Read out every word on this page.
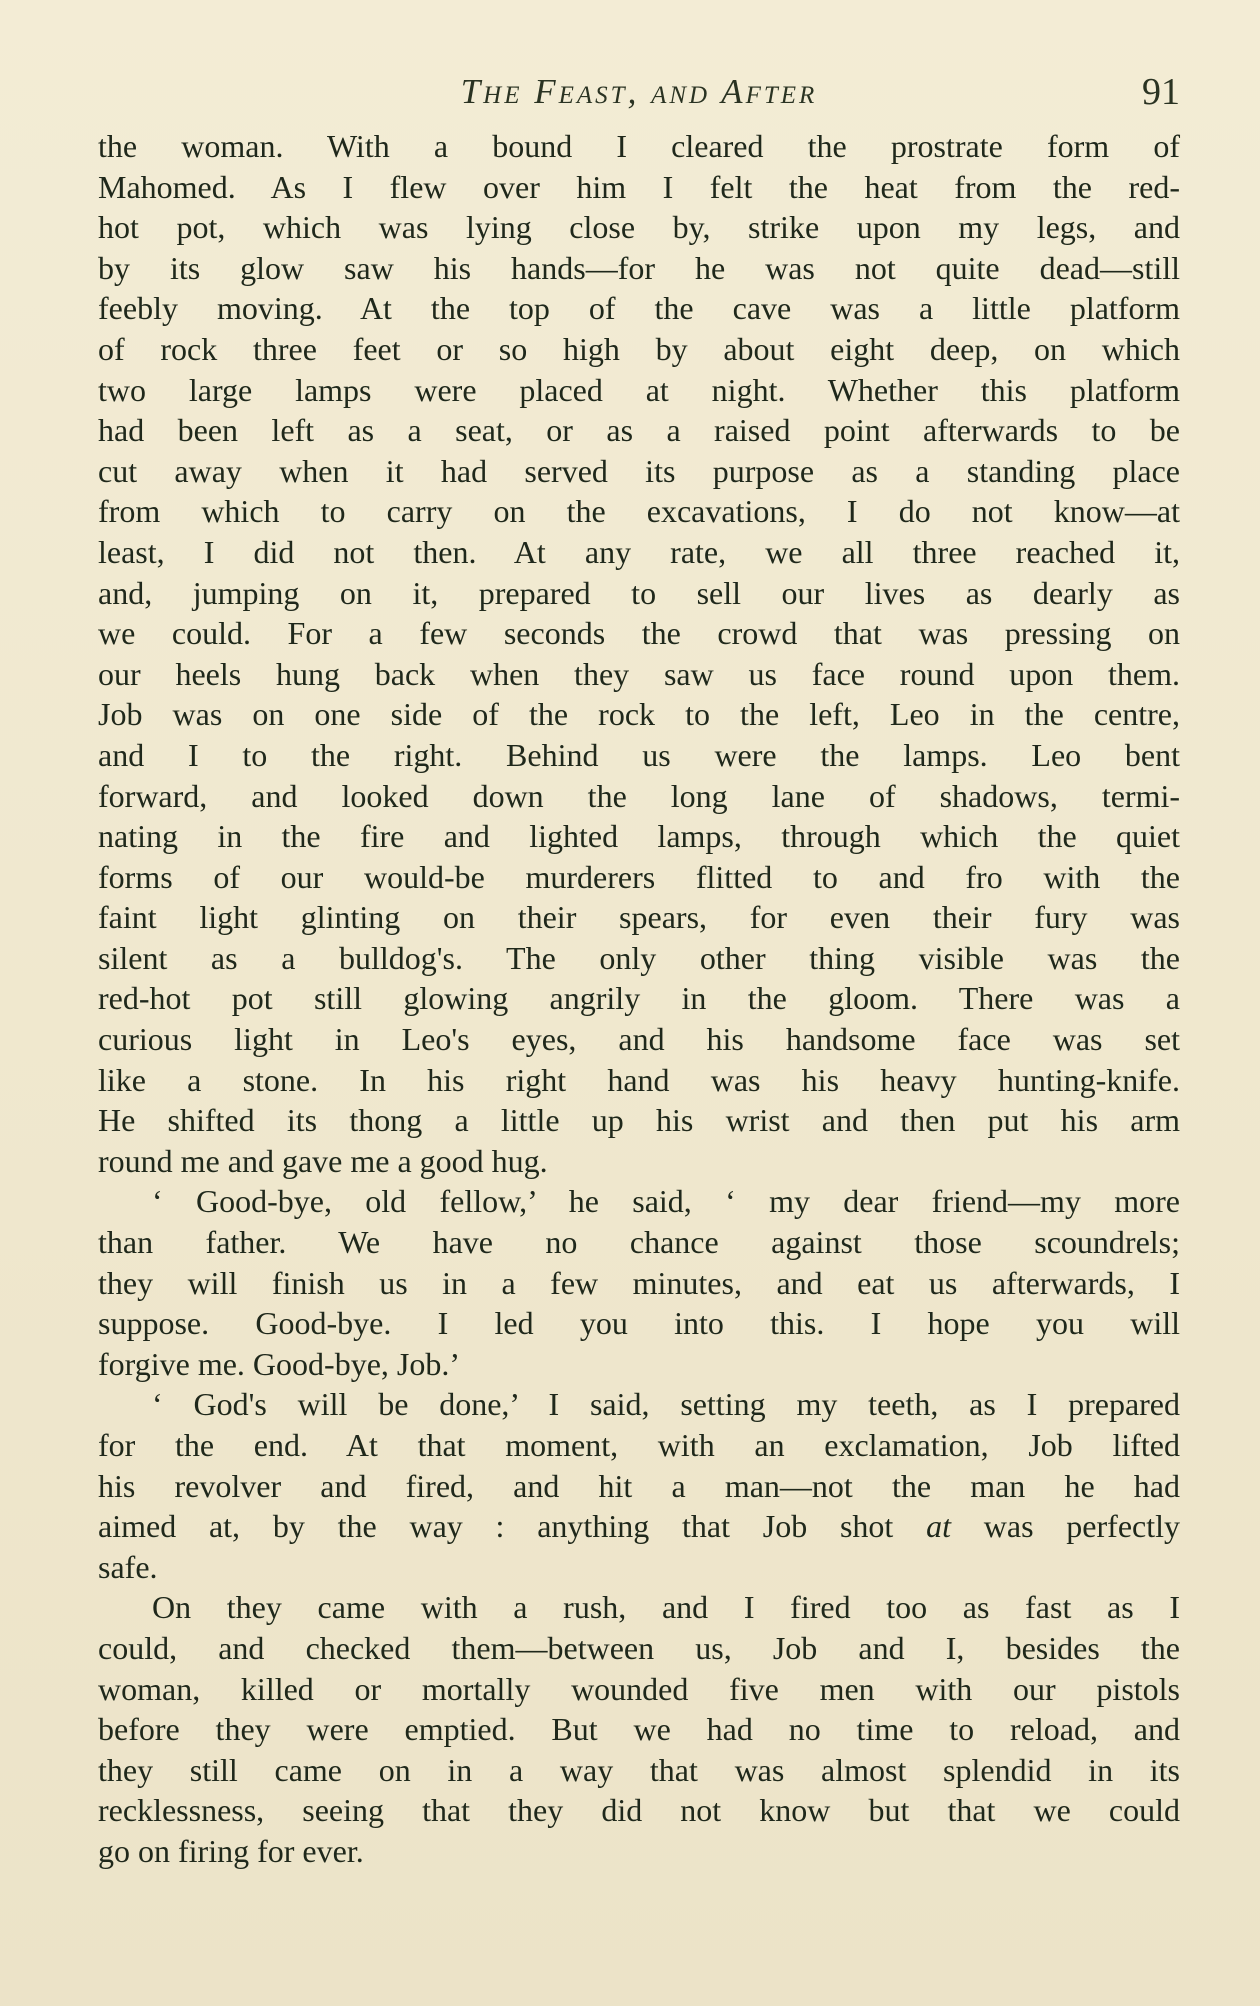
The Feast, and After	91
the woman. With a bound I cleared the prostrate form of
Mahomed. As I flew over him I felt the heat from the red-
hot pot, which was lying close by, strike upon my legs, and
by its glow saw his hands—for he was not quite dead—still
feebly moving. At the top of the cave was a little platform
of rock three feet or so high by about eight deep, on which
two large lamps were placed at night. Whether this platform
had been left as a seat, or as a raised point afterwards to be
cut away when it had served its purpose as a standing place
from which to carry on the excavations, I do not know—at
least, I did not then. At any rate, we all three reached it,
and, jumping on it, prepared to sell our lives as dearly as
we could. For a few seconds the crowd that was pressing on
our heels hung back when they saw us face round upon them.
Job was on one side of the rock to the left, Leo in the centre,
and I to the right. Behind us were the lamps. Leo bent
forward, and looked down the long lane of shadows, termi-
nating in the fire and lighted lamps, through which the quiet
forms of our would-be murderers flitted to and fro with the
faint light glinting on their spears, for even their fury was
silent as a bulldog's. The only other thing visible was the
red-hot pot still glowing angrily in the gloom. There was a
curious light in Leo's eyes, and his handsome face was set
like a stone. In his right hand was his heavy hunting-knife.
He shifted its thong a little up his wrist and then put his arm
round me and gave me a good hug.
‘ Good-bye, old fellow,’ he said, ‘ my dear friend—my more
than father. We have no chance against those scoundrels;
they will finish us in a few minutes, and eat us afterwards, I
suppose. Good-bye. I led you into this. I hope you will
forgive me. Good-bye, Job.’
‘ God's will be done,’ I said, setting my teeth, as I prepared
for the end. At that moment, with an exclamation, Job lifted
his revolver and fired, and hit a man—not the man he had
aimed at, by the way : anything that Job shot at was perfectly
safe.
On they came with a rush, and I fired too as fast as I
could, and checked them—between us, Job and I, besides the
woman, killed or mortally wounded five men with our pistols
before they were emptied. But we had no time to reload, and
they still came on in a way that was almost splendid in its
recklessness, seeing that they did not know but that we could
go on firing for ever.
